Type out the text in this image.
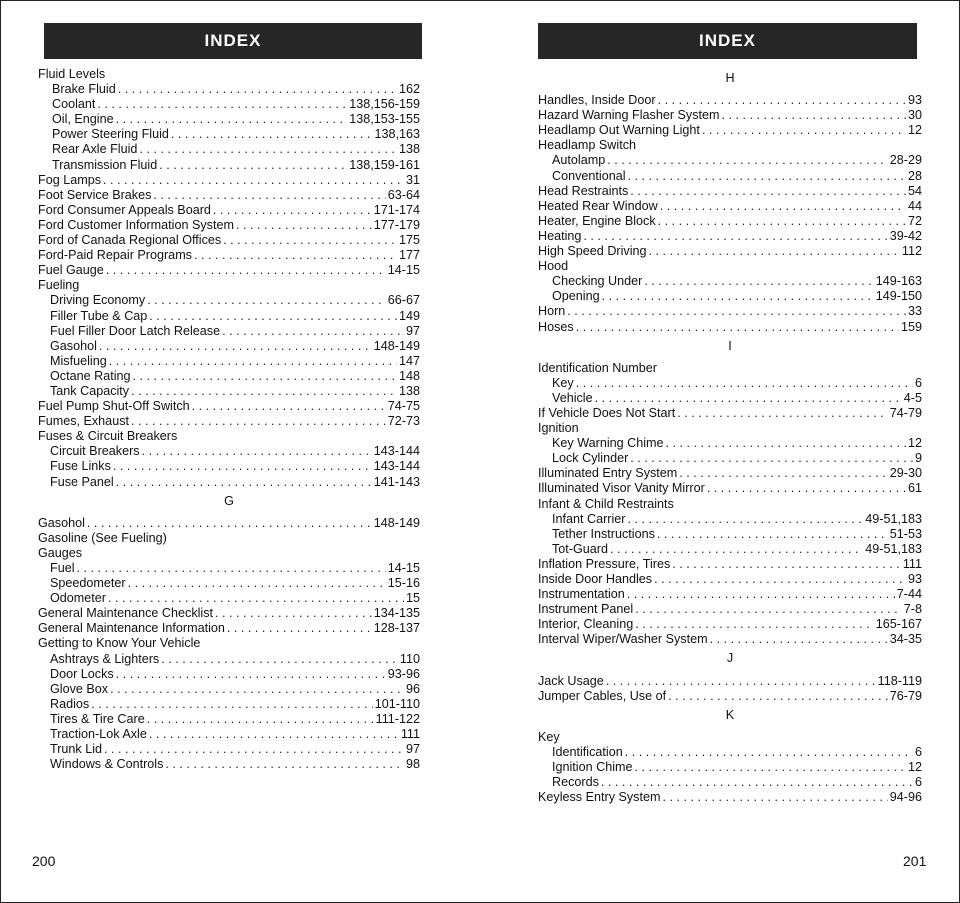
INDEX
Fluid Levels
Brake Fluid . . .	162
Coolant . . .	138,156-159
Oil, Engine . . .	138,153-155
Power Steering Fluid . . .	138,163
Rear Axle Fluid . . .	138
Transmission Fluid . . .	138,159-161
Fog Lamps . . .	31
Foot Service Brakes . . .	63-64
Ford Consumer Appeals Board . . .	171-174
Ford Customer Information System . . .	177-179
Ford of Canada Regional Offices . . .	175
Ford-Paid Repair Programs . . .	177
Fuel Gauge . . .	14-15
Fueling
Driving Economy . . .	66-67
Filler Tube & Cap . . .	149
Fuel Filler Door Latch Release . . .	97
Gasohol . . .	148-149
Misfueling . . .	147
Octane Rating . . .	148
Tank Capacity . . .	138
Fuel Pump Shut-Off Switch . . .	74-75
Fumes, Exhaust . . .	72-73
Fuses & Circuit Breakers
Circuit Breakers . . .	143-144
Fuse Links . . .	143-144
Fuse Panel . . .	141-143
G
Gasohol . . .	148-149
Gasoline (See Fueling)
Gauges
Fuel . . .	14-15
Speedometer . . .	15-16
Odometer . . .	15
General Maintenance Checklist . . .	134-135
General Maintenance Information . . .	128-137
Getting to Know Your Vehicle
Ashtrays & Lighters . . .	110
Door Locks . . .	93-96
Glove Box . . .	96
Radios . . .	101-110
Tires & Tire Care . . .	111-122
Traction-Lok Axle . . .	111
Trunk Lid . . .	97
Windows & Controls . . .	98
200
INDEX
H
Handles, Inside Door . . .	93
Hazard Warning Flasher System . . .	30
Headlamp Out Warning Light . . .	12
Headlamp Switch
Autolamp . . .	28-29
Conventional . . .	28
Head Restraints . . .	54
Heated Rear Window . . .	44
Heater, Engine Block . . .	72
Heating . . .	39-42
High Speed Driving . . .	112
Hood
Checking Under . . .	149-163
Opening . . .	149-150
Horn . . .	33
Hoses . . .	159
I
Identification Number
Key . . .	6
Vehicle . . .	4-5
If Vehicle Does Not Start . . .	74-79
Ignition
Key Warning Chime . . .	12
Lock Cylinder . . .	9
Illuminated Entry System . . .	29-30
Illuminated Visor Vanity Mirror . . .	61
Infant & Child Restraints
Infant Carrier . . .	49-51,183
Tether Instructions . . .	51-53
Tot-Guard . . .	49-51,183
Inflation Pressure, Tires . . .	111
Inside Door Handles . . .	93
Instrumentation . . .	7-44
Instrument Panel . . .	7-8
Interior, Cleaning . . .	165-167
Interval Wiper/Washer System . . .	34-35
J
Jack Usage . . .	118-119
Jumper Cables, Use of . . .	76-79
K
Key
Identification . . .	6
Ignition Chime . . .	12
Records . . .	6
Keyless Entry System . . .	94-96
201
